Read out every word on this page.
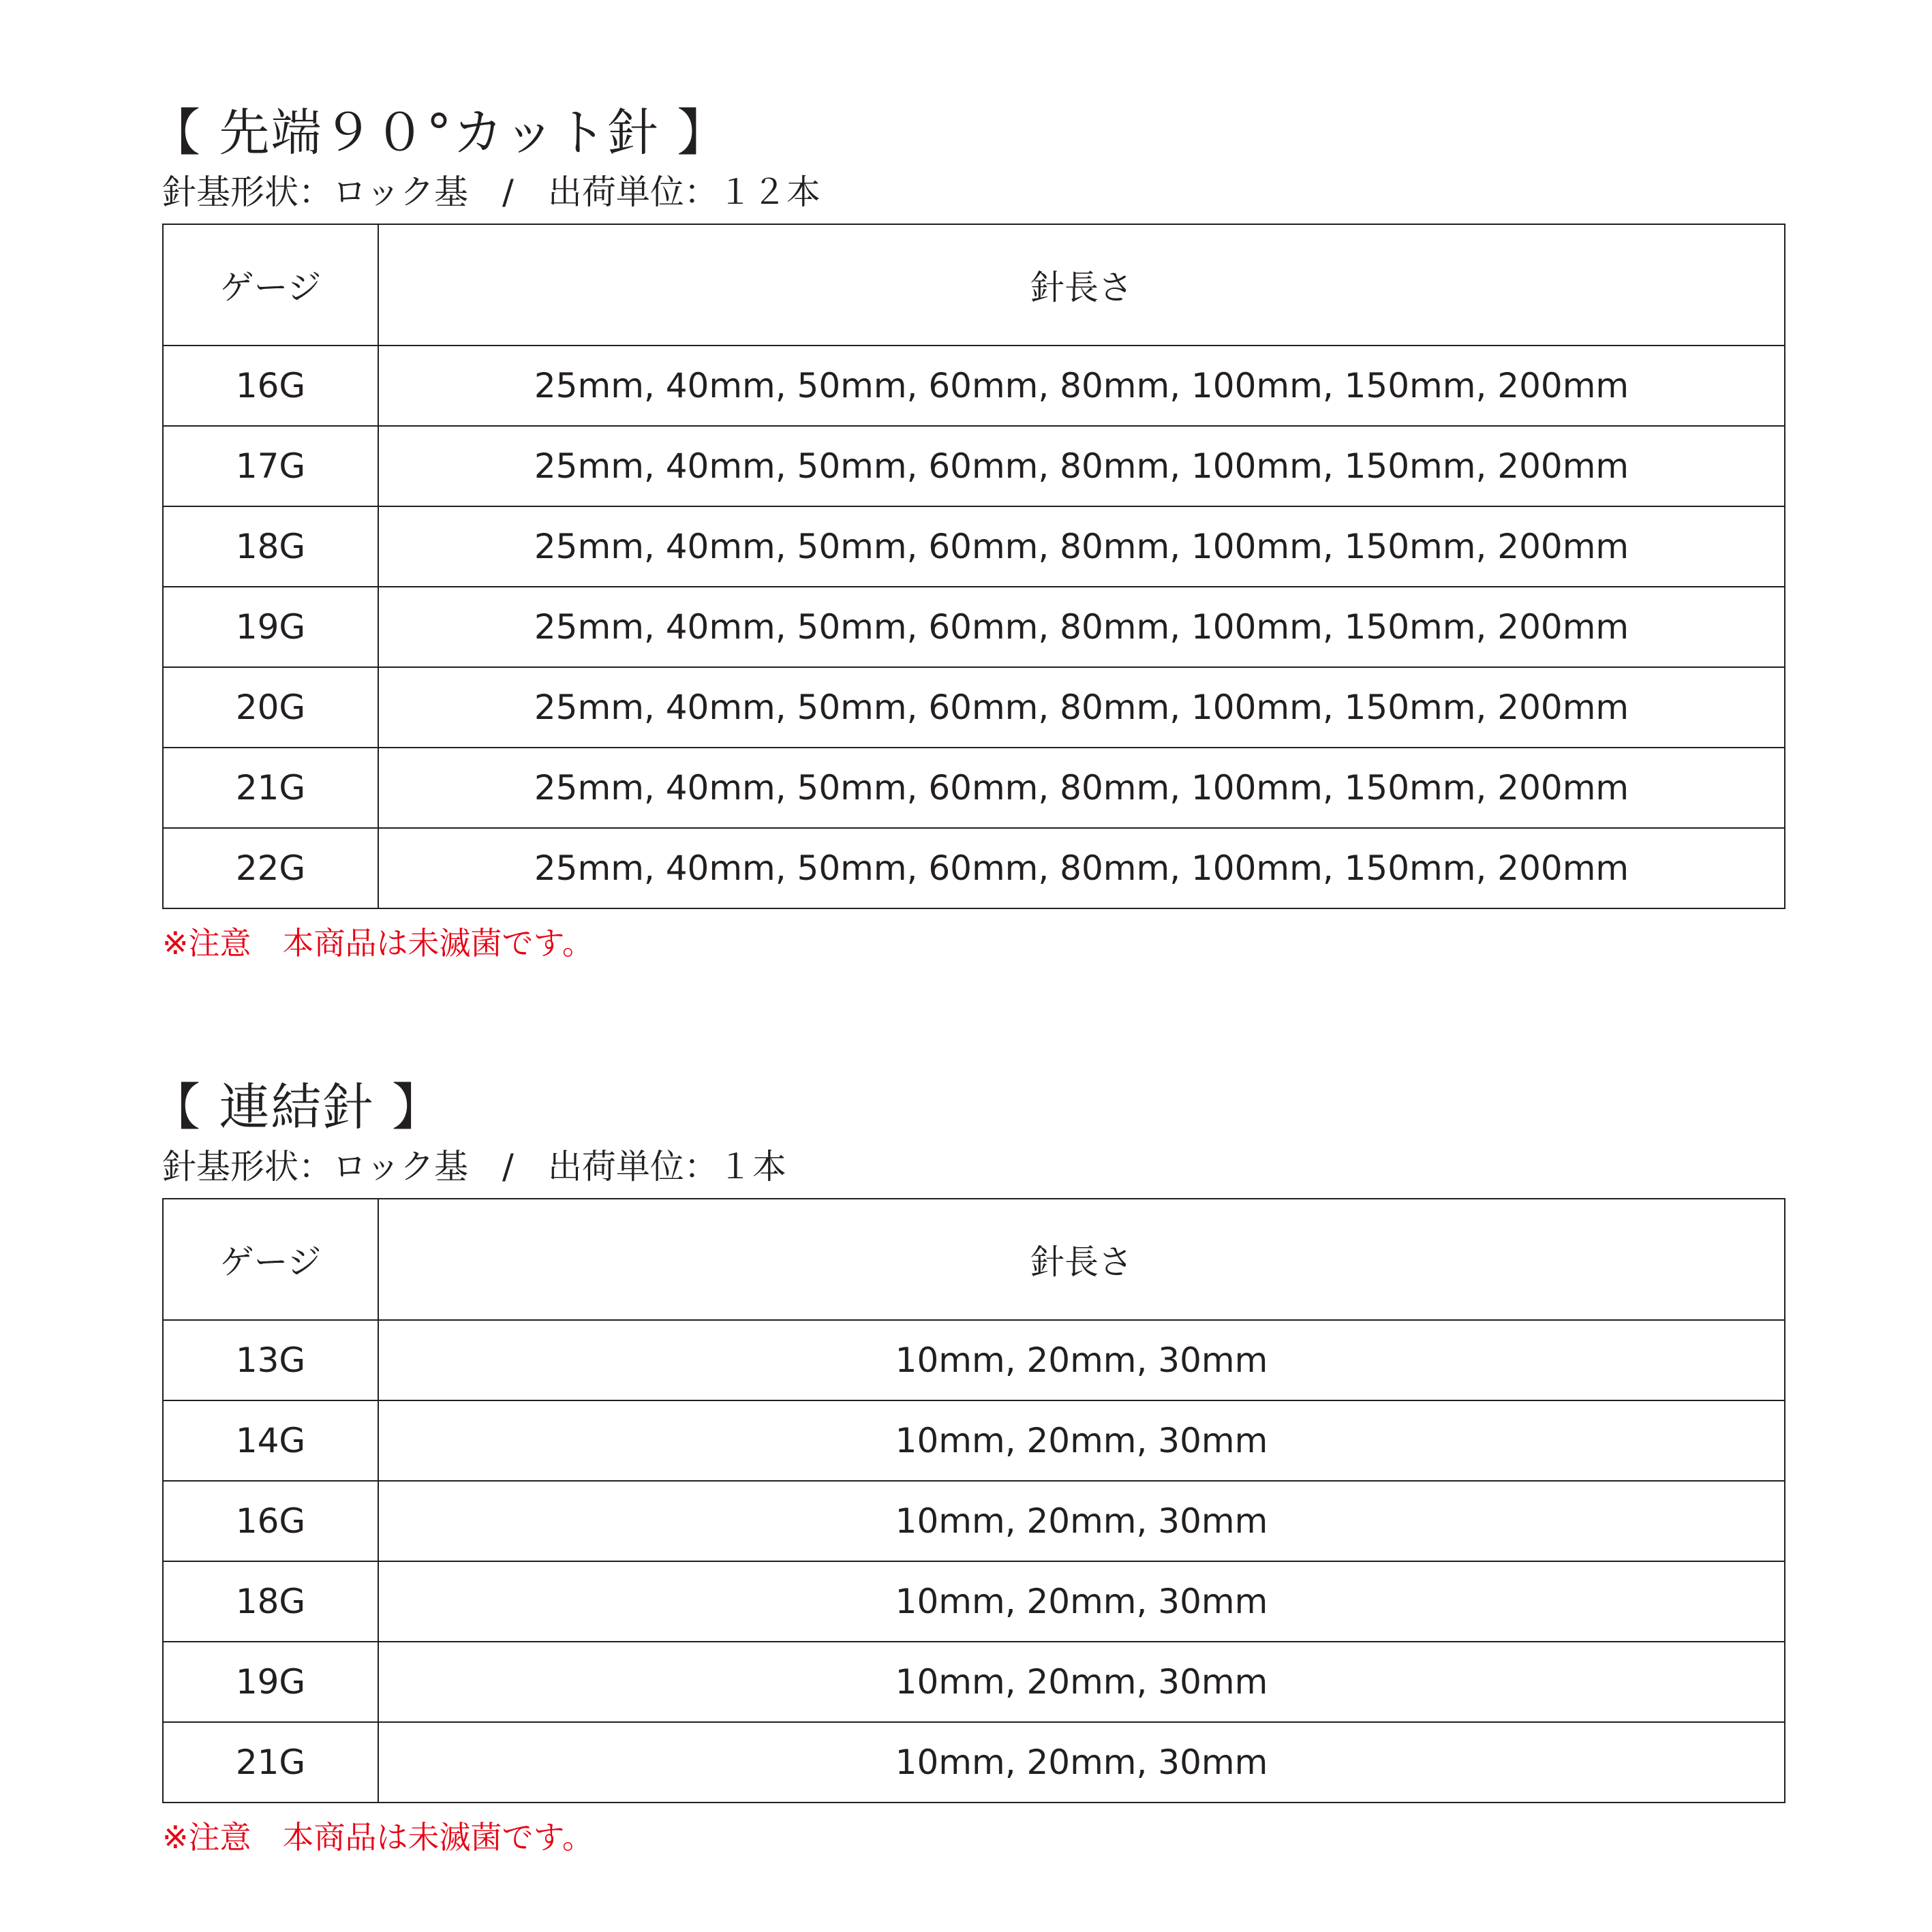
【 先端９０°カット針 】
針基形状：ロック基　/　出荷単位：１２本
ゲージ	針長さ
16G	25mm, 40mm, 50mm, 60mm, 80mm, 100mm, 150mm, 200mm
17G	25mm, 40mm, 50mm, 60mm, 80mm, 100mm, 150mm, 200mm
18G	25mm, 40mm, 50mm, 60mm, 80mm, 100mm, 150mm, 200mm
19G	25mm, 40mm, 50mm, 60mm, 80mm, 100mm, 150mm, 200mm
20G	25mm, 40mm, 50mm, 60mm, 80mm, 100mm, 150mm, 200mm
21G	25mm, 40mm, 50mm, 60mm, 80mm, 100mm, 150mm, 200mm
22G	25mm, 40mm, 50mm, 60mm, 80mm, 100mm, 150mm, 200mm
※注意　本商品は未滅菌です。
【 連結針 】
針基形状：ロック基　/　出荷単位：１本
ゲージ	針長さ
13G	10mm, 20mm, 30mm
14G	10mm, 20mm, 30mm
16G	10mm, 20mm, 30mm
18G	10mm, 20mm, 30mm
19G	10mm, 20mm, 30mm
21G	10mm, 20mm, 30mm
※注意　本商品は未滅菌です。
